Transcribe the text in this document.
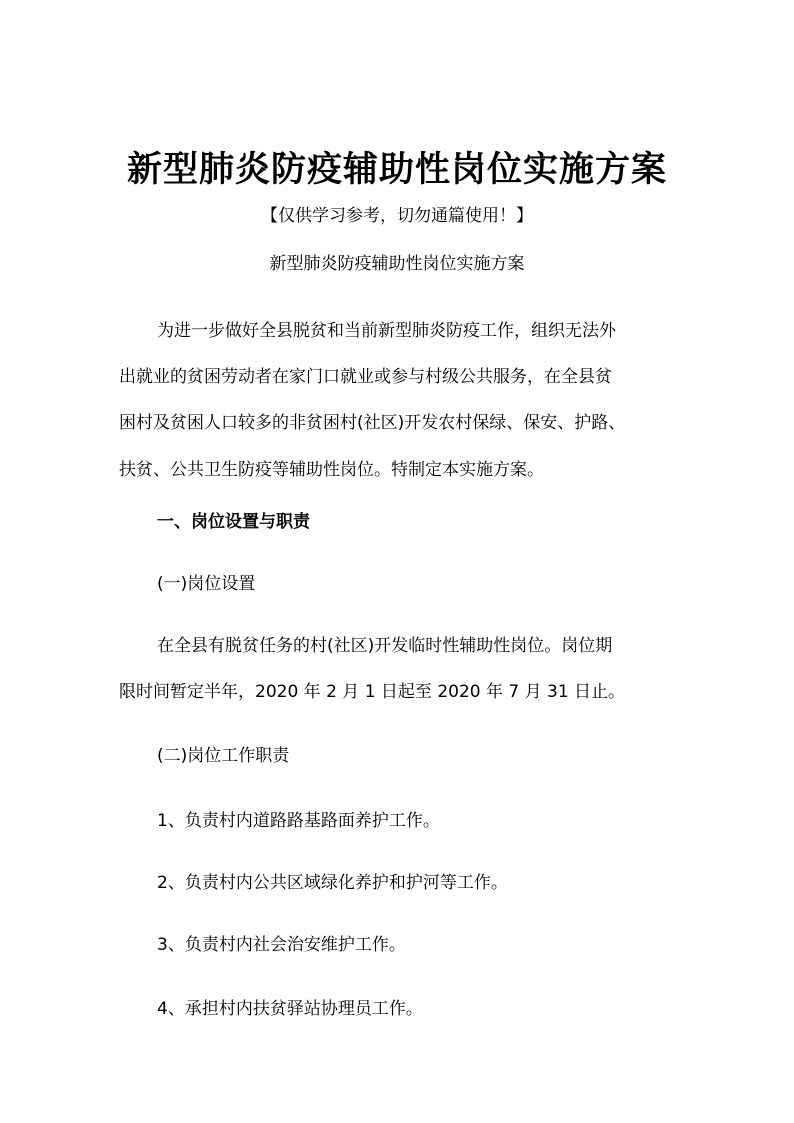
新型肺炎防疫辅助性岗位实施方案
【仅供学习参考，切勿通篇使用！】
新型肺炎防疫辅助性岗位实施方案
为进一步做好全县脱贫和当前新型肺炎防疫工作，组织无法外
出就业的贫困劳动者在家门口就业或参与村级公共服务，在全县贫
困村及贫困人口较多的非贫困村(社区)开发农村保绿、保安、护路、
扶贫、公共卫生防疫等辅助性岗位。特制定本实施方案。
一、岗位设置与职责
(一)岗位设置
在全县有脱贫任务的村(社区)开发临时性辅助性岗位。岗位期
限时间暂定半年，2020 年 2 月 1 日起至 2020 年 7 月 31 日止。
(二)岗位工作职责
1、负责村内道路路基路面养护工作。
2、负责村内公共区域绿化养护和护河等工作。
3、负责村内社会治安维护工作。
4、承担村内扶贫驿站协理员工作。
